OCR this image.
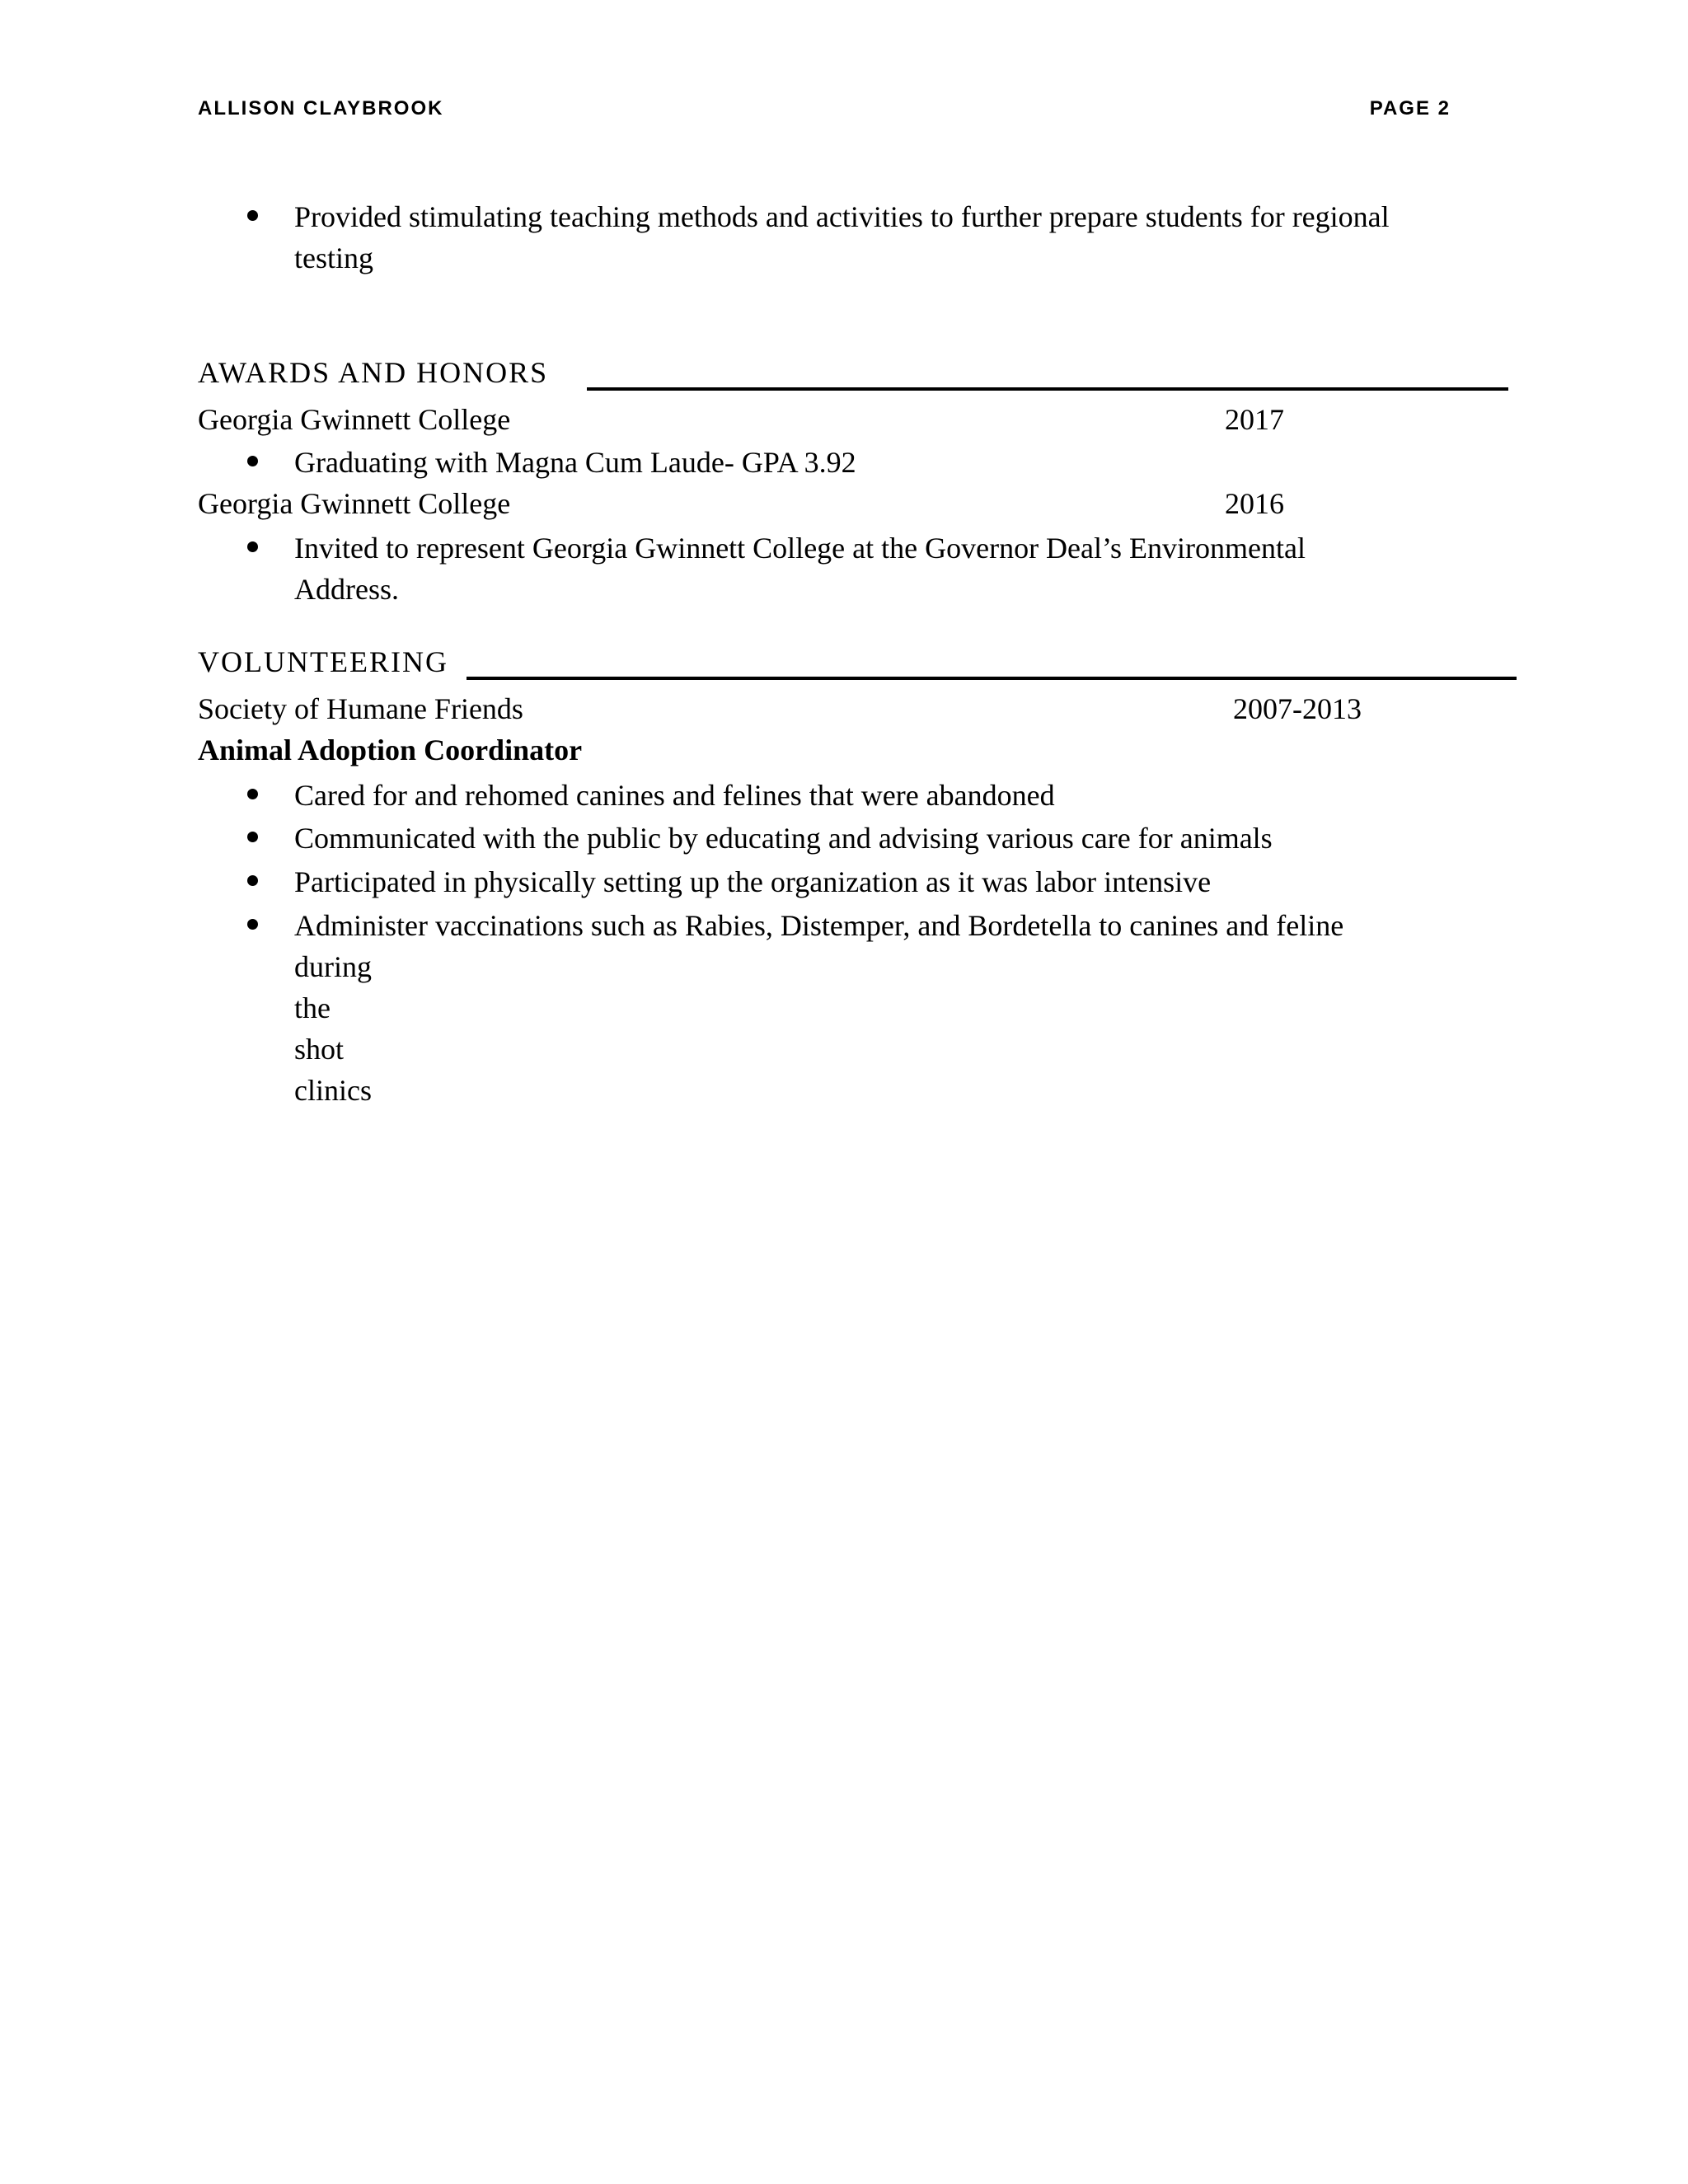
ALLISON CLAYBROOK	PAGE 2
Provided stimulating teaching methods and activities to further prepare students for regional
testing
AWARDS AND HONORS
Georgia Gwinnett College	2017
Graduating with Magna Cum Laude- GPA 3.92
Georgia Gwinnett College	2016
Invited to represent Georgia Gwinnett College at the Governor Deal’s Environmental
Address.
VOLUNTEERING
Society of Humane Friends	2007-2013
Animal Adoption Coordinator
Cared for and rehomed canines and felines that were abandoned
Communicated with the public by educating and advising various care for animals
Participated in physically setting up the organization as it was labor intensive
Administer vaccinations such as Rabies, Distemper, and Bordetella to canines and feline
during the shot clinics
